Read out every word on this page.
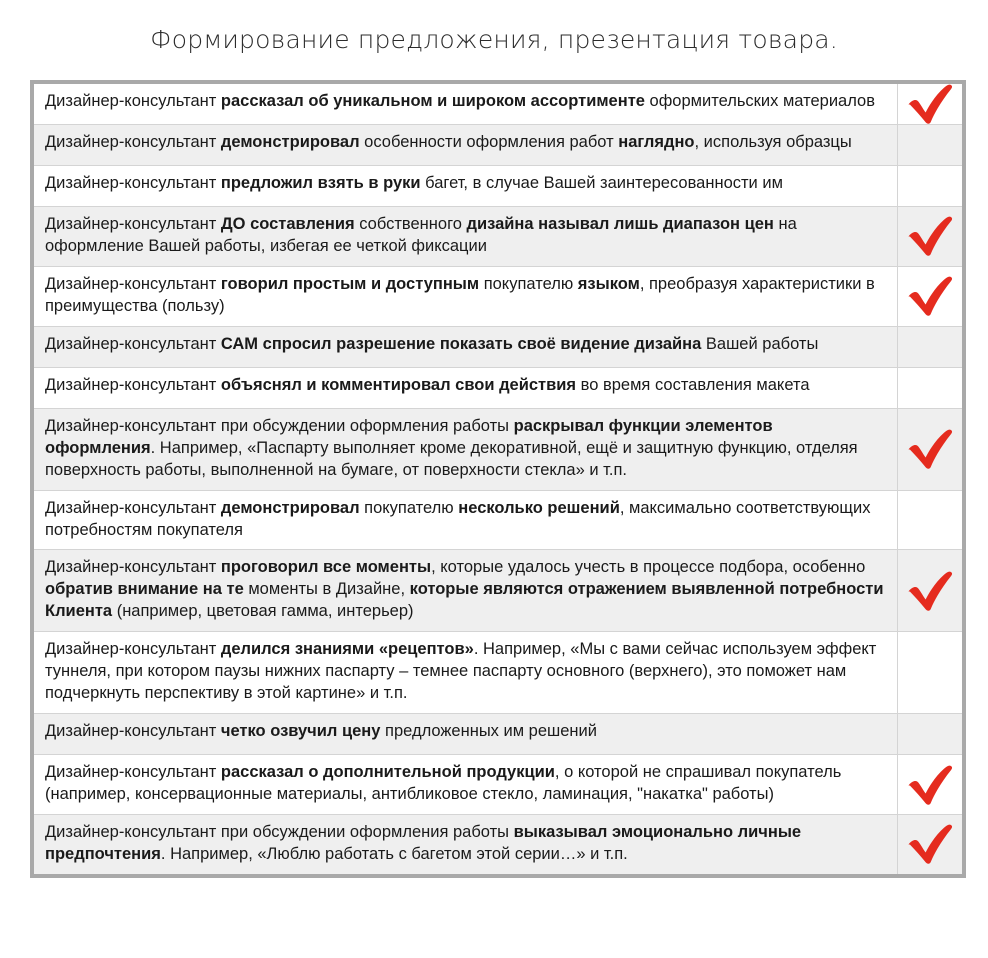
Формирование предложения, презентация товара.
Дизайнер-консультант рассказал об уникальном и широком ассортименте оформительских материалов
Дизайнер-консультант демонстрировал особенности оформления работ наглядно, используя образцы
Дизайнер-консультант предложил взять в руки багет, в случае Вашей заинтересованности им
Дизайнер-консультант ДО составления собственного дизайна называл лишь диапазон цен на оформление Вашей работы, избегая ее четкой фиксации
Дизайнер-консультант говорил простым и доступным покупателю языком, преобразуя характеристики в преимущества (пользу)
Дизайнер-консультант САМ спросил разрешение показать своё видение дизайна Вашей работы
Дизайнер-консультант объяснял и комментировал свои действия во время составления макета
Дизайнер-консультант при обсуждении оформления работы раскрывал функции элементов оформления. Например, «Паспарту выполняет кроме декоративной, ещё и защитную функцию, отделяя поверхность работы, выполненной на бумаге, от поверхности стекла» и т.п.
Дизайнер-консультант демонстрировал покупателю несколько решений, максимально соответствующих потребностям покупателя
Дизайнер-консультант проговорил все моменты, которые удалось учесть в процессе подбора, особенно обратив внимание на те моменты в Дизайне, которые являются отражением выявленной потребности Клиента (например, цветовая гамма, интерьер)
Дизайнер-консультант делился знаниями «рецептов». Например, «Мы с вами сейчас используем эффект туннеля, при котором паузы нижних паспарту – темнее паспарту основного (верхнего), это поможет нам подчеркнуть перспективу в этой картине» и т.п.
Дизайнер-консультант четко озвучил цену предложенных им решений
Дизайнер-консультант рассказал о дополнительной продукции, о которой не спрашивал покупатель (например, консервационные материалы, антибликовое стекло, ламинация, "накатка" работы)
Дизайнер-консультант при обсуждении оформления работы выказывал эмоционально личные предпочтения. Например, «Люблю работать с багетом этой серии…» и т.п.
